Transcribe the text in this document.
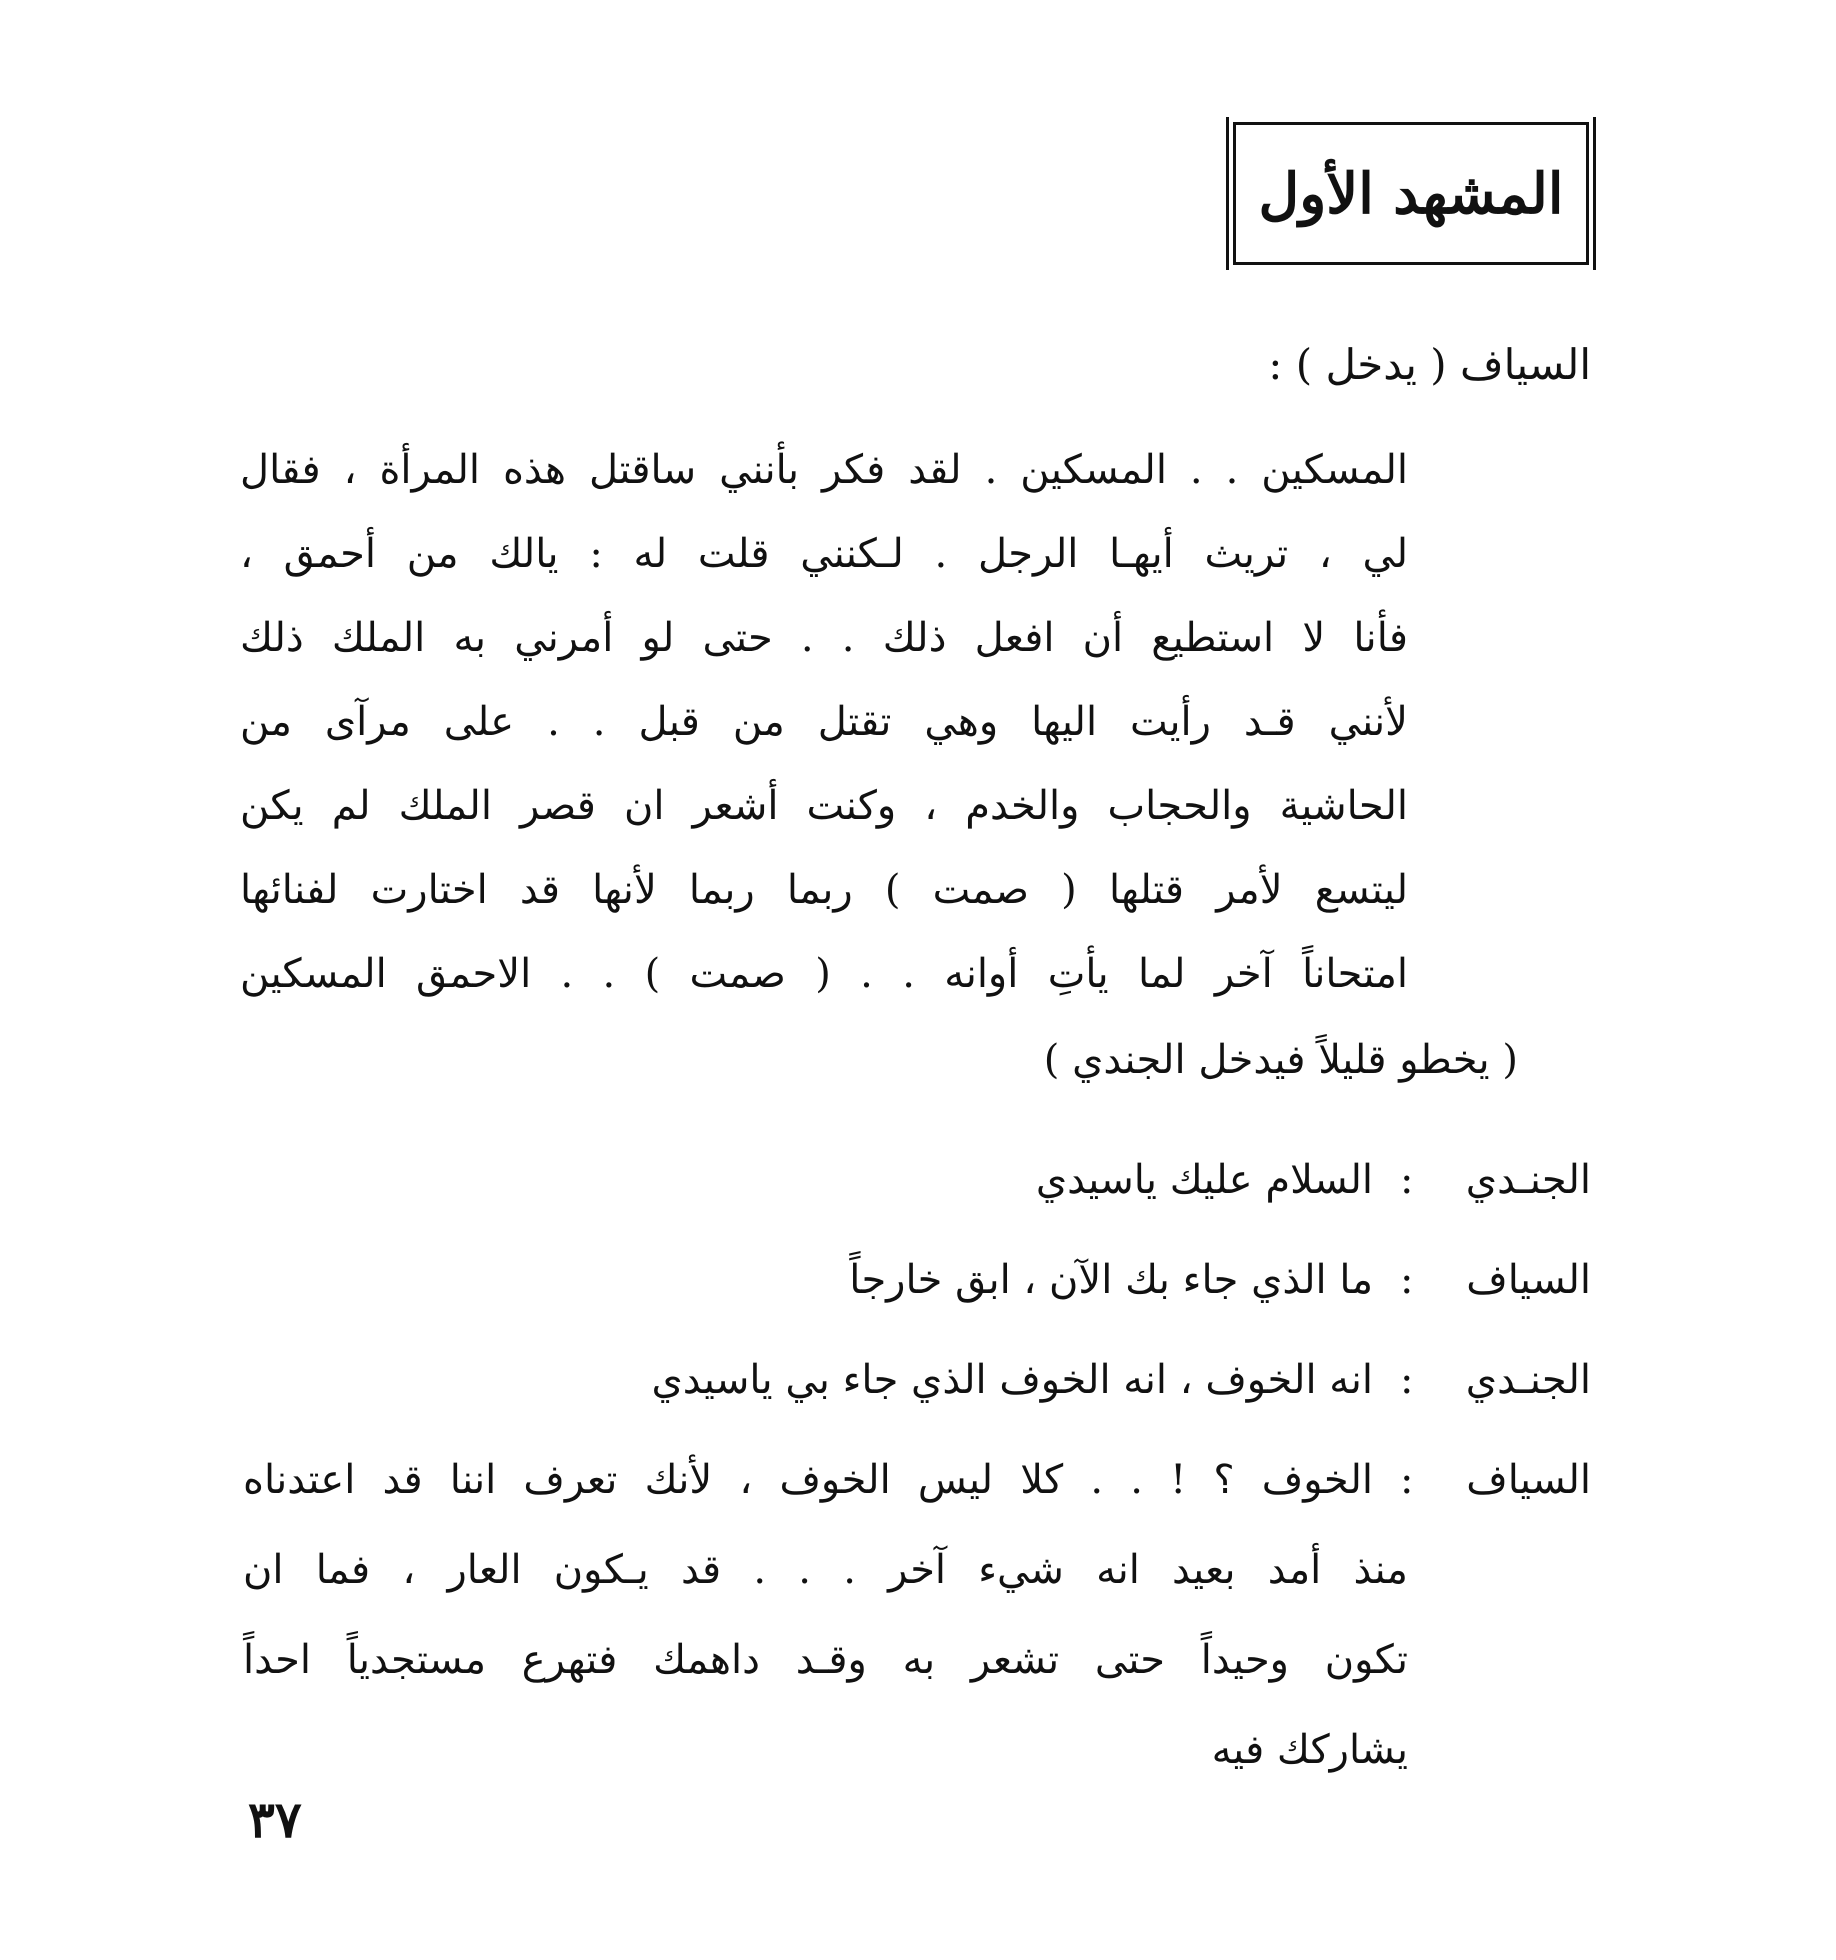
المشهد الأول
السياف ( يدخل ) :
المسكين . . المسكين . لقد فكر بأنني ساقتل هذه المرأة ، فقال
لي ، تريث أيهـا الرجل . لـكنني قلت له : يالك من أحمق ،
فأنا لا استطيع أن افعل ذلك . . حتى لو أمرني به الملك ذلك
لأنني قـد رأيت اليها وهي تقتل من قبل . . على مرآى من
الحاشية والحجاب والخدم ، وكنت أشعر ان قصر الملك لم يكن
ليتسع لأمر قتلها ( صمت ) ربما ربما لأنها قد اختارت لفنائها
امتحاناً آخر لما يأتِ أوانه . . ( صمت ) . . الاحمق المسكين
( يخطو قليلاً فيدخل الجندي )
الجنـدي
:
السلام عليك ياسيدي
السياف
:
ما الذي جاء بك الآن ، ابق خارجاً
الجنـدي
:
انه الخوف ، انه الخوف الذي جاء بي ياسيدي
السياف
:
الخوف ؟ ! . . كلا ليس الخوف ، لأنك تعرف اننا قد اعتدناه
منذ أمد بعيد انه شيء آخر . . . قد يـكون العار ، فما ان
تكون وحيداً حتى تشعر به وقـد داهمك فتهرع مستجدياً احداً
يشاركك فيه
٣٧
